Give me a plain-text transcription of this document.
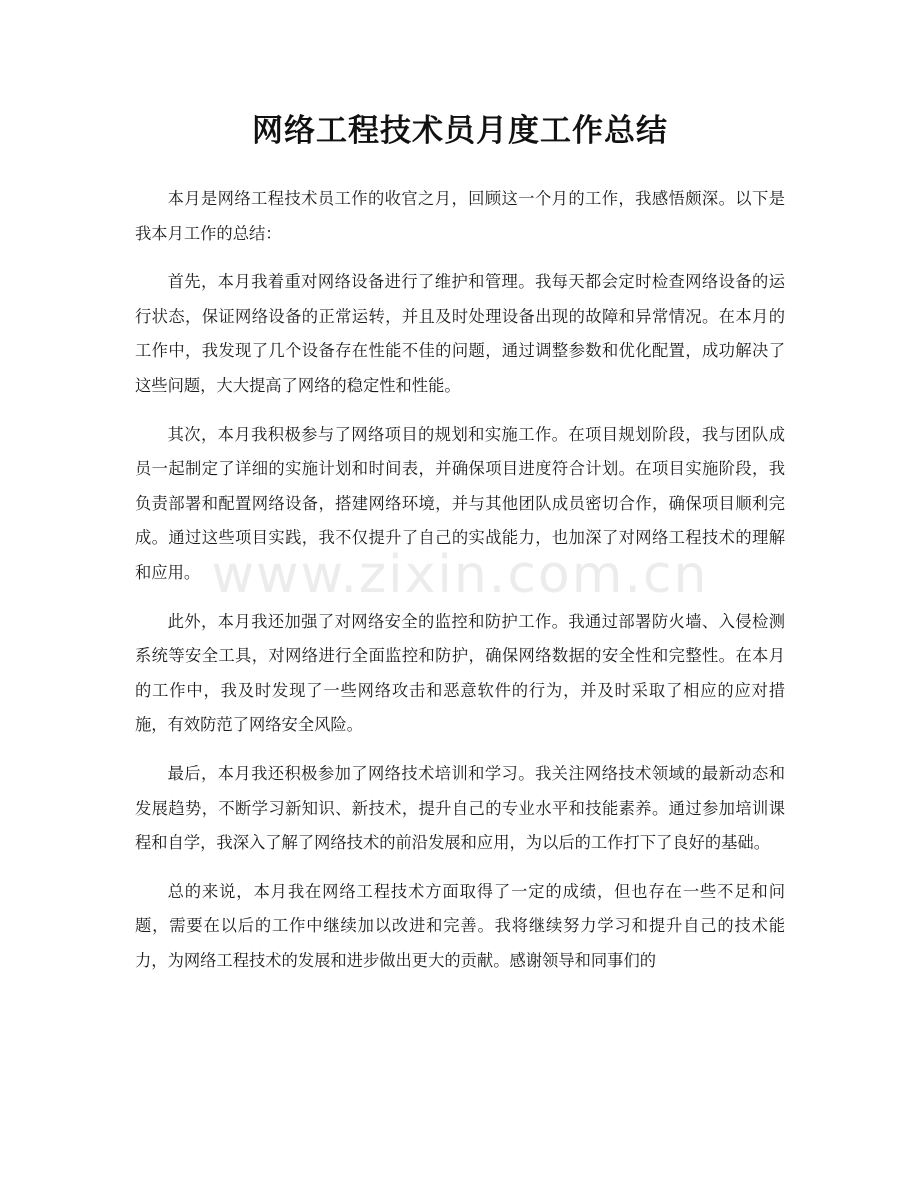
网络工程技术员月度工作总结

本月是网络工程技术员工作的收官之月，回顾这一个月的工作，我感悟颇深。以下是我本月工作的总结：

首先，本月我着重对网络设备进行了维护和管理。我每天都会定时检查网络设备的运行状态，保证网络设备的正常运转，并且及时处理设备出现的故障和异常情况。在本月的工作中，我发现了几个设备存在性能不佳的问题，通过调整参数和优化配置，成功解决了这些问题，大大提高了网络的稳定性和性能。

其次，本月我积极参与了网络项目的规划和实施工作。在项目规划阶段，我与团队成员一起制定了详细的实施计划和时间表，并确保项目进度符合计划。在项目实施阶段，我负责部署和配置网络设备，搭建网络环境，并与其他团队成员密切合作，确保项目顺利完成。通过这些项目实践，我不仅提升了自己的实战能力，也加深了对网络工程技术的理解和应用。

此外，本月我还加强了对网络安全的监控和防护工作。我通过部署防火墙、入侵检测系统等安全工具，对网络进行全面监控和防护，确保网络数据的安全性和完整性。在本月的工作中，我及时发现了一些网络攻击和恶意软件的行为，并及时采取了相应的应对措施，有效防范了网络安全风险。

最后，本月我还积极参加了网络技术培训和学习。我关注网络技术领域的最新动态和发展趋势，不断学习新知识、新技术，提升自己的专业水平和技能素养。通过参加培训课程和自学，我深入了解了网络技术的前沿发展和应用，为以后的工作打下了良好的基础。

总的来说，本月我在网络工程技术方面取得了一定的成绩，但也存在一些不足和问题，需要在以后的工作中继续加以改进和完善。我将继续努力学习和提升自己的技术能力，为网络工程技术的发展和进步做出更大的贡献。感谢领导和同事们的

www.zixin.com.cn
